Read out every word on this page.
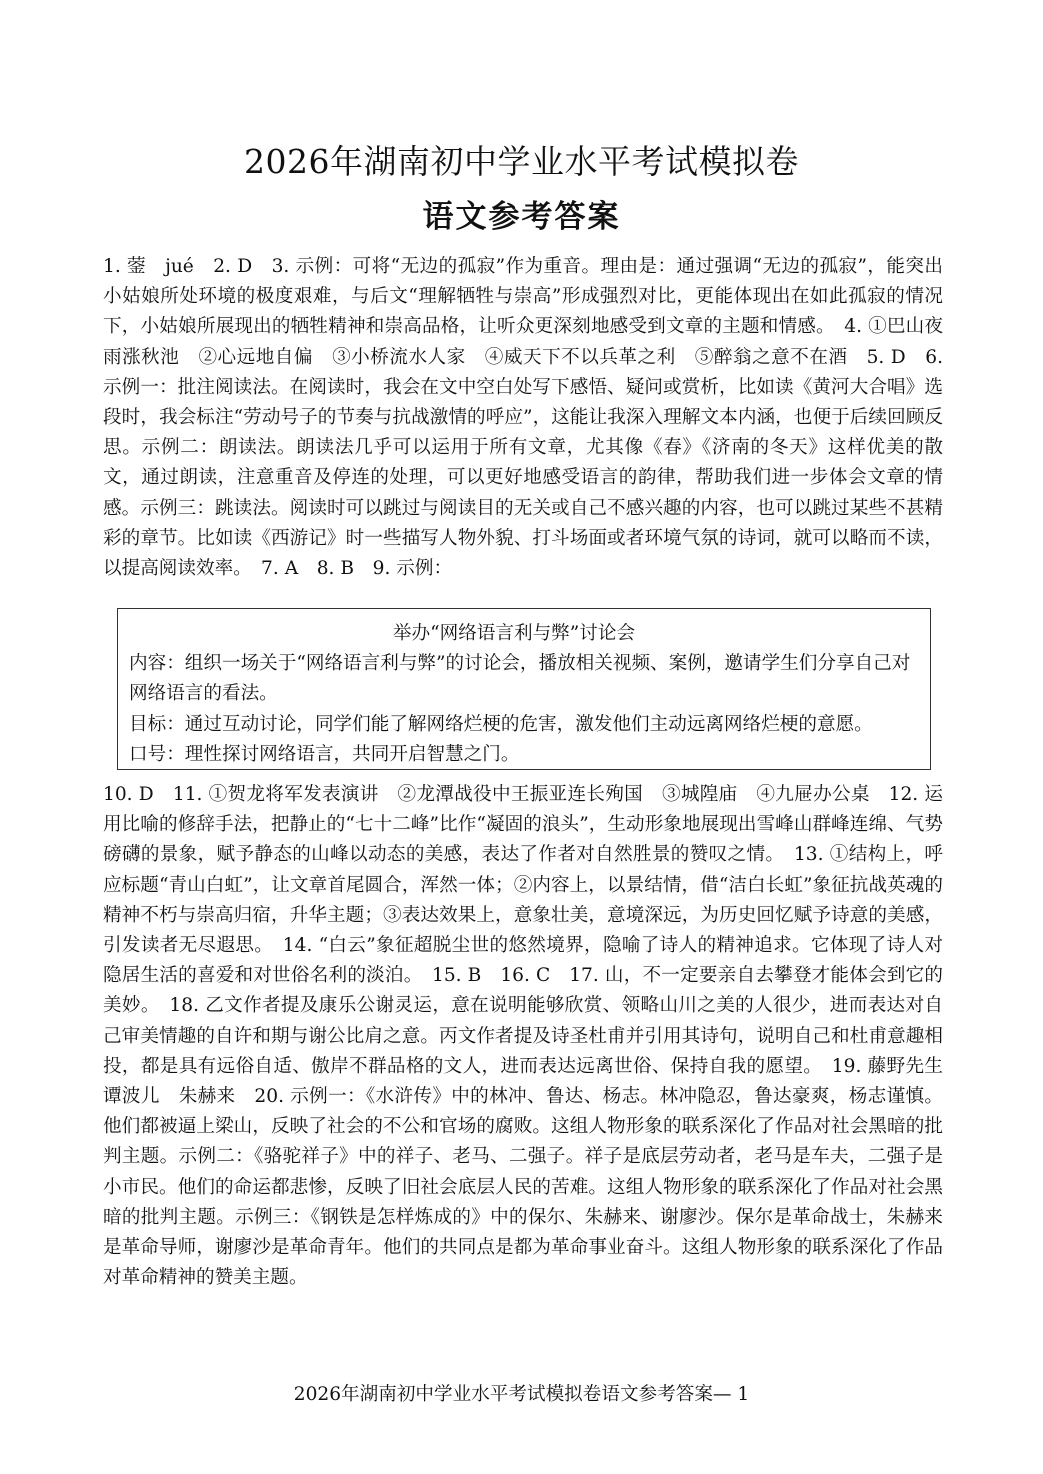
2026年湖南初中学业水平考试模拟卷
语文参考答案
1. 蓥　jué　2. D　3. 示例：可将“无边的孤寂”作为重音。理由是：通过强调“无边的孤寂”，能突出小姑娘所处环境的极度艰难，与后文“理解牺牲与崇高”形成强烈对比，更能体现出在如此孤寂的情况下，小姑娘所展现出的牺牲精神和崇高品格，让听众更深刻地感受到文章的主题和情感。　4. ①巴山夜雨涨秋池　②心远地自偏　③小桥流水人家　④威天下不以兵革之利　⑤醉翁之意不在酒　5. D　6. 示例一：批注阅读法。在阅读时，我会在文中空白处写下感悟、疑问或赏析，比如读《黄河大合唱》选段时，我会标注“劳动号子的节奏与抗战激情的呼应”，这能让我深入理解文本内涵，也便于后续回顾反思。示例二：朗读法。朗读法几乎可以运用于所有文章，尤其像《春》《济南的冬天》这样优美的散文，通过朗读，注意重音及停连的处理，可以更好地感受语言的韵律，帮助我们进一步体会文章的情感。示例三：跳读法。阅读时可以跳过与阅读目的无关或自己不感兴趣的内容，也可以跳过某些不甚精彩的章节。比如读《西游记》时一些描写人物外貌、打斗场面或者环境气氛的诗词，就可以略而不读，以提高阅读效率。　7. A　8. B　9. 示例：
举办“网络语言利与弊”讨论会
内容：组织一场关于“网络语言利与弊”的讨论会，播放相关视频、案例，邀请学生们分享自己对网络语言的看法。
目标：通过互动讨论，同学们能了解网络烂梗的危害，激发他们主动远离网络烂梗的意愿。
口号：理性探讨网络语言，共同开启智慧之门。
10. D　11. ①贺龙将军发表演讲　②龙潭战役中王振亚连长殉国　③城隍庙　④九屉办公桌　12. 运用比喻的修辞手法，把静止的“七十二峰”比作“凝固的浪头”，生动形象地展现出雪峰山群峰连绵、气势磅礴的景象，赋予静态的山峰以动态的美感，表达了作者对自然胜景的赞叹之情。　13. ①结构上，呼应标题“青山白虹”，让文章首尾圆合，浑然一体；②内容上，以景结情，借“洁白长虹”象征抗战英魂的精神不朽与崇高归宿，升华主题；③表达效果上，意象壮美，意境深远，为历史回忆赋予诗意的美感，引发读者无尽遐思。　14. “白云”象征超脱尘世的悠然境界，隐喻了诗人的精神追求。它体现了诗人对隐居生活的喜爱和对世俗名利的淡泊。　15. B　16. C　17. 山，不一定要亲自去攀登才能体会到它的美妙。　18. 乙文作者提及康乐公谢灵运，意在说明能够欣赏、领略山川之美的人很少，进而表达对自己审美情趣的自许和期与谢公比肩之意。丙文作者提及诗圣杜甫并引用其诗句，说明自己和杜甫意趣相投，都是具有远俗自适、傲岸不群品格的文人，进而表达远离世俗、保持自我的愿望。　19. 藤野先生　谭波儿　朱赫来　20. 示例一：《水浒传》中的林冲、鲁达、杨志。林冲隐忍，鲁达豪爽，杨志谨慎。他们都被逼上梁山，反映了社会的不公和官场的腐败。这组人物形象的联系深化了作品对社会黑暗的批判主题。示例二：《骆驼祥子》中的祥子、老马、二强子。祥子是底层劳动者，老马是车夫，二强子是小市民。他们的命运都悲惨，反映了旧社会底层人民的苦难。这组人物形象的联系深化了作品对社会黑暗的批判主题。示例三：《钢铁是怎样炼成的》中的保尔、朱赫来、谢廖沙。保尔是革命战士，朱赫来是革命导师，谢廖沙是革命青年。他们的共同点是都为革命事业奋斗。这组人物形象的联系深化了作品对革命精神的赞美主题。
2026年湖南初中学业水平考试模拟卷语文参考答案— 1
